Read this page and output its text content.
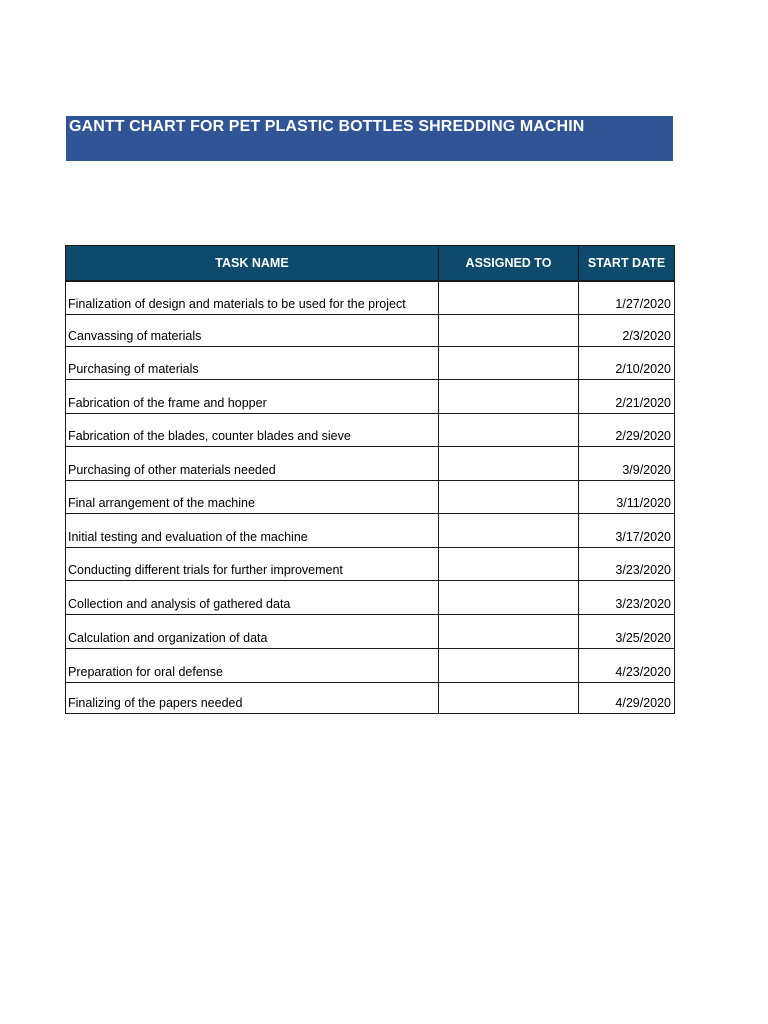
GANTT CHART FOR PET PLASTIC BOTTLES SHREDDING MACHIN
TASK NAME	ASSIGNED TO	START DATE
Finalization of design and materials to be used for the project		1/27/2020
Canvassing of materials		2/3/2020
Purchasing of materials		2/10/2020
Fabrication of the frame and hopper		2/21/2020
Fabrication of the blades, counter blades and sieve		2/29/2020
Purchasing of other materials needed		3/9/2020
Final arrangement of the machine		3/11/2020
Initial testing and evaluation of the machine		3/17/2020
Conducting different trials for further improvement		3/23/2020
Collection and analysis of gathered data		3/23/2020
Calculation and organization of data		3/25/2020
Preparation for oral defense		4/23/2020
Finalizing of the papers needed		4/29/2020
